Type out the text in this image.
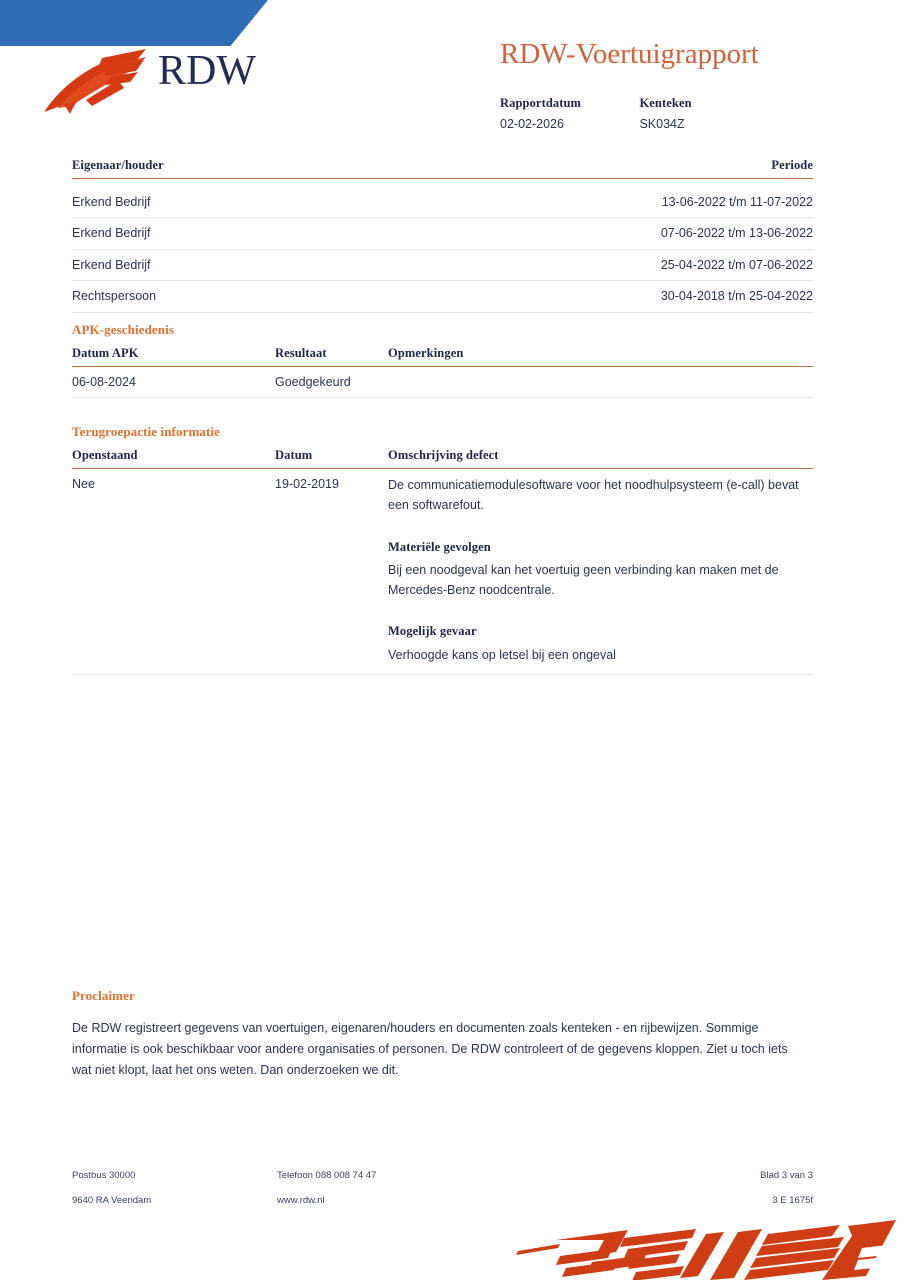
RDW	RDW-Voertuigrapport
Rapportdatum
02-02-2026

Kenteken
SK034Z
Eigenaar/houder	Periode
Erkend Bedrijf	13-06-2022 t/m 11-07-2022
Erkend Bedrijf	07-06-2022 t/m 13-06-2022
Erkend Bedrijf	25-04-2022 t/m 07-06-2022
Rechtspersoon	30-04-2018 t/m 25-04-2022
APK-geschiedenis
Datum APK	Resultaat	Opmerkingen
06-08-2024	Goedgekeurd	
Terugroepactie informatie
Openstaand	Datum	Omschrijving defect
Nee	19-02-2019	De communicatiemodulesoftware voor het noodhulpsysteem (e-call) bevat een softwarefout.
Materiële gevolgen
Bij een noodgeval kan het voertuig geen verbinding kan maken met de Mercedes-Benz noodcentrale.
Mogelijk gevaar
Verhoogde kans op letsel bij een ongeval
Proclaimer

De RDW registreert gegevens van voertuigen, eigenaren/houders en documenten zoals kenteken - en rijbewijzen. Sommige informatie is ook beschikbaar voor andere organisaties of personen. De RDW controleert of de gegevens kloppen. Ziet u toch iets wat niet klopt, laat het ons weten. Dan onderzoeken we dit.

Postbus 30000	Telefoon 088 008 74 47	Blad 3 van 3
9640 RA Veendam	www.rdw.nl	3 E 1675f
